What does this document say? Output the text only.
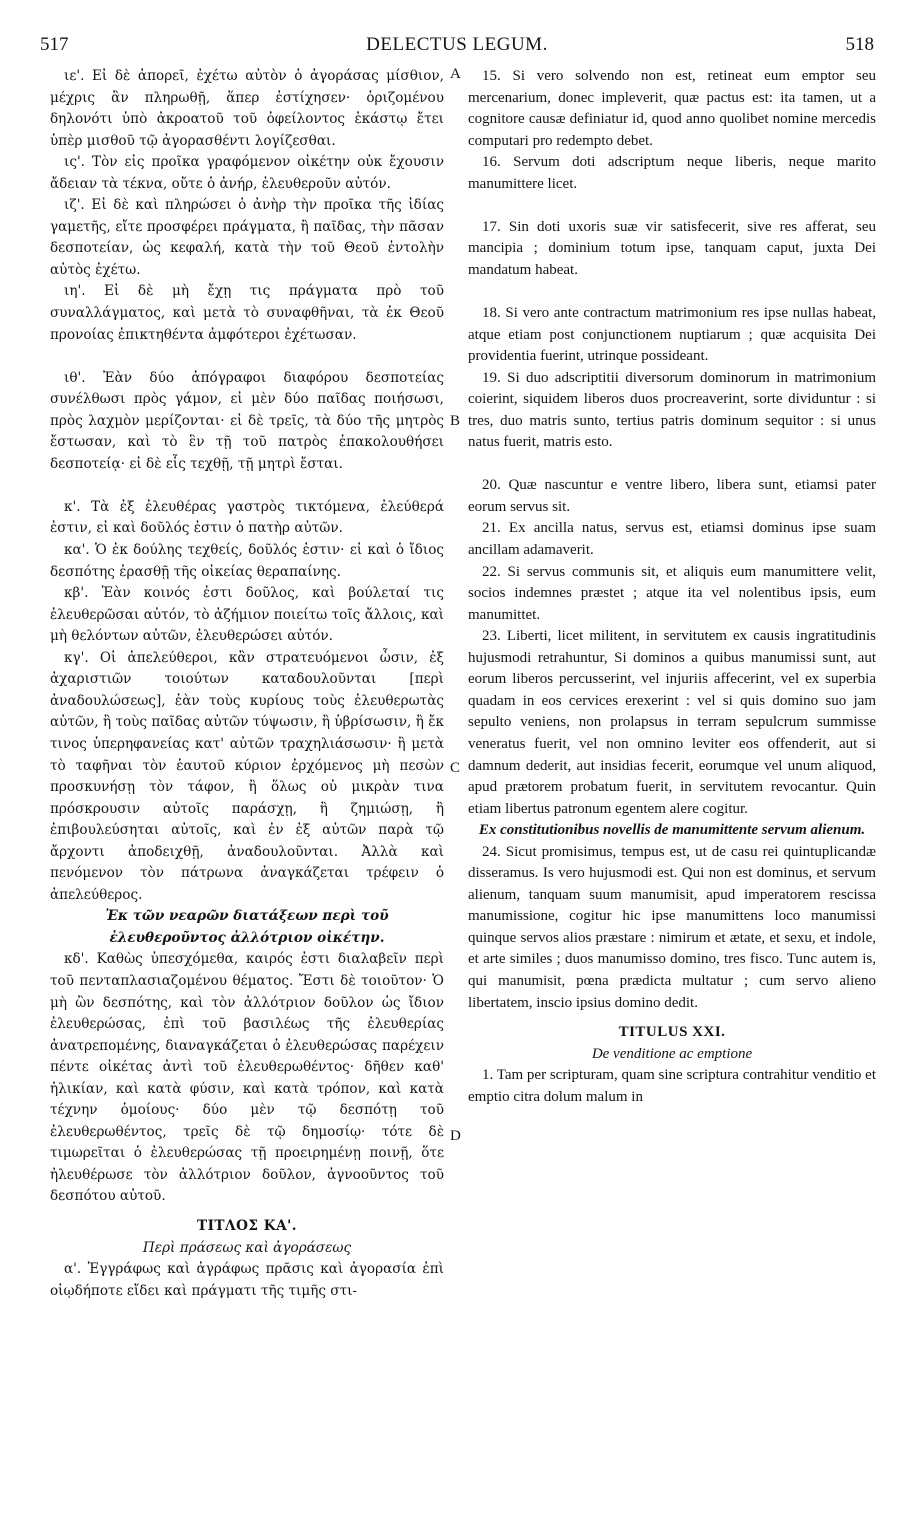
517	DELECTUS LEGUM.	518
A
B
C
D

ιε'. Εἰ δὲ ἀπορεῖ, ἐχέτω αὐτὸν ὁ ἀγοράσας μίσθιον, μέχρις ἂν πληρωθῇ, ἅπερ ἐστίχησεν· ὁριζομένου δηλονότι ὑπὸ ἀκροατοῦ τοῦ ὀφείλοντος ἑκάστῳ ἔτει ὑπὲρ μισθοῦ τῷ ἀγορασθέντι λογίζεσθαι.

ις'. Τὸν εἰς προῖκα γραφόμενον οἰκέτην οὐκ ἔχουσιν ἄδειαν τὰ τέκνα, οὔτε ὁ ἀνήρ, ἐλευθεροῦν αὐτόν.

ιζ'. Εἰ δὲ καὶ πληρώσει ὁ ἀνὴρ τὴν προῖκα τῆς ἰδίας γαμετῆς, εἴτε προσφέρει πράγματα, ἢ παῖδας, τὴν πᾶσαν δεσποτείαν, ὡς κεφαλή, κατὰ τὴν τοῦ Θεοῦ ἐντολὴν αὐτὸς ἐχέτω.

ιη'. Εἰ δὲ μὴ ἔχῃ τις πράγματα πρὸ τοῦ συναλλάγματος, καὶ μετὰ τὸ συναφθῆναι, τὰ ἐκ Θεοῦ προνοίας ἐπικτηθέντα ἀμφότεροι ἐχέτωσαν.

ιθ'. Ἐὰν δύο ἀπόγραφοι διαφόρου δεσποτείας συνέλθωσι πρὸς γάμον, εἰ μὲν δύο παῖδας ποιήσωσι, πρὸς λαχμὸν μερίζονται· εἰ δὲ τρεῖς, τὰ δύο τῆς μητρὸς ἔστωσαν, καὶ τὸ ἓν τῇ τοῦ πατρὸς ἐπακολουθήσει δεσποτείᾳ· εἰ δὲ εἷς τεχθῇ, τῇ μητρὶ ἔσται.

κ'. Τὰ ἐξ ἐλευθέρας γαστρὸς τικτόμενα, ἐλεύθερά ἐστιν, εἰ καὶ δοῦλός ἐστιν ὁ πατὴρ αὐτῶν.

κα'. Ὁ ἐκ δούλης τεχθείς, δοῦλός ἐστιν· εἰ καὶ ὁ ἴδιος δεσπότης ἐρασθῇ τῆς οἰκείας θεραπαίνης.

κβ'. Ἐὰν κοινός ἐστι δοῦλος, καὶ βούλεταί τις ἐλευθερῶσαι αὐτόν, τὸ ἀζήμιον ποιείτω τοῖς ἄλλοις, καὶ μὴ θελόντων αὐτῶν, ἐλευθερώσει αὐτόν.

κγ'. Οἱ ἀπελεύθεροι, κἂν στρατευόμενοι ὦσιν, ἐξ ἀχαριστιῶν τοιούτων καταδουλοῦνται [περὶ ἀναδουλώσεως], ἐὰν τοὺς κυρίους τοὺς ἐλευθερωτὰς αὐτῶν, ἢ τοὺς παῖδας αὐτῶν τύψωσιν, ἢ ὑβρίσωσιν, ἢ ἔκ τινος ὑπερηφανείας κατ' αὐτῶν τραχηλιάσωσιν· ἢ μετὰ τὸ ταφῆναι τὸν ἑαυτοῦ κύριον ἐρχόμενος μὴ πεσὼν προσκυνήσῃ τὸν τάφον, ἢ ὅλως οὐ μικρὰν τινα πρόσκρουσιν αὐτοῖς παράσχῃ, ἢ ζημιώσῃ, ἢ ἐπιβουλεύσηται αὐτοῖς, καὶ ἐν ἐξ αὐτῶν παρὰ τῷ ἄρχοντι ἀποδειχθῇ, ἀναδουλοῦνται. Ἀλλὰ καὶ πενόμενον τὸν πάτρωνα ἀναγκάζεται τρέφειν ὁ ἀπελεύθερος.

Ἐκ τῶν νεαρῶν διατάξεων περὶ τοῦ ἐλευθεροῦντος ἀλλότριον οἰκέτην.

κδ'. Καθὼς ὑπεσχόμεθα, καιρός ἐστι διαλαβεῖν περὶ τοῦ πενταπλασιαζομένου θέματος. Ἔστι δὲ τοιοῦτον· Ὁ μὴ ὢν δεσπότης, καὶ τὸν ἀλλότριον δοῦλον ὡς ἴδιον ἐλευθερώσας, ἐπὶ τοῦ βασιλέως τῆς ἐλευθερίας ἀνατρεπομένης, διαναγκάζεται ὁ ἐλευθερώσας παρέχειν πέντε οἰκέτας ἀντὶ τοῦ ἐλευθερωθέντος· δῆθεν καθ' ἡλικίαν, καὶ κατὰ φύσιν, καὶ κατὰ τρόπον, καὶ κατὰ τέχνην ὁμοίους· δύο μὲν τῷ δεσπότῃ τοῦ ἐλευθερωθέντος, τρεῖς δὲ τῷ δημοσίῳ· τότε δὲ τιμωρεῖται ὁ ἐλευθερώσας τῇ προειρημένῃ ποινῇ, ὅτε ἠλευθέρωσε τὸν ἀλλότριον δοῦλον, ἀγνοοῦντος τοῦ δεσπότου αὐτοῦ.

ΤΙΤΛΟΣ ΚΑ'.

Περὶ πράσεως καὶ ἀγοράσεως

α'. Ἐγγράφως καὶ ἀγράφως πρᾶσις καὶ ἀγορασία ἐπὶ οἱῳδήποτε εἴδει καὶ πράγματι τῆς τιμῆς στι-

15. Si vero solvendo non est, retineat eum emptor seu mercenarium, donec impleverit, quæ pactus est: ita tamen, ut a cognitore causæ definiatur id, quod anno quolibet nomine mercedis computari pro redempto debet.

16. Servum doti adscriptum neque liberis, neque marito manumittere licet.

17. Sin doti uxoris suæ vir satisfecerit, sive res afferat, seu mancipia ; dominium totum ipse, tanquam caput, juxta Dei mandatum habeat.

18. Si vero ante contractum matrimonium res ipse nullas habeat, atque etiam post conjunctionem nuptiarum ; quæ acquisita Dei providentia fuerint, utrinque possideant.

19. Si duo adscriptitii diversorum dominorum in matrimonium coierint, siquidem liberos duos procreaverint, sorte dividuntur : si tres, duo matris sunto, tertius patris dominum sequitor : si unus natus fuerit, matris esto.

20. Quæ nascuntur e ventre libero, libera sunt, etiamsi pater eorum servus sit.

21. Ex ancilla natus, servus est, etiamsi dominus ipse suam ancillam adamaverit.

22. Si servus communis sit, et aliquis eum manumittere velit, socios indemnes præstet ; atque ita vel nolentibus ipsis, eum manumittet.

23. Liberti, licet militent, in servitutem ex causis ingratitudinis hujusmodi retrahuntur, Si dominos a quibus manumissi sunt, aut eorum liberos percusserint, vel injuriis affecerint, vel ex superbia quadam in eos cervices erexerint : vel si quis domino suo jam sepulto veniens, non prolapsus in terram sepulcrum summisse veneratus fuerit, vel non omnino leviter eos offenderit, aut si damnum dederit, aut insidias fecerit, eorumque vel unum aliquod, apud prætorem probatum fuerit, in servitutem revocantur. Quin etiam libertus patronum egentem alere cogitur.

Ex constitutionibus novellis de manumittente servum alienum.

24. Sicut promisimus, tempus est, ut de casu rei quintuplicandæ disseramus. Is vero hujusmodi est. Qui non est dominus, et servum alienum, tanquam suum manumisit, apud imperatorem rescissa manumissione, cogitur hic ipse manumittens loco manumissi quinque servos alios præstare : nimirum et ætate, et sexu, et indole, et arte similes ; duos manumisso domino, tres fisco. Tunc autem is, qui manumisit, pœna prædicta multatur ; cum servo alieno libertatem, inscio ipsius domino dedit.

TITULUS XXI.

De venditione ac emptione

1. Tam per scripturam, quam sine scriptura contrahitur venditio et emptio citra dolum malum in
